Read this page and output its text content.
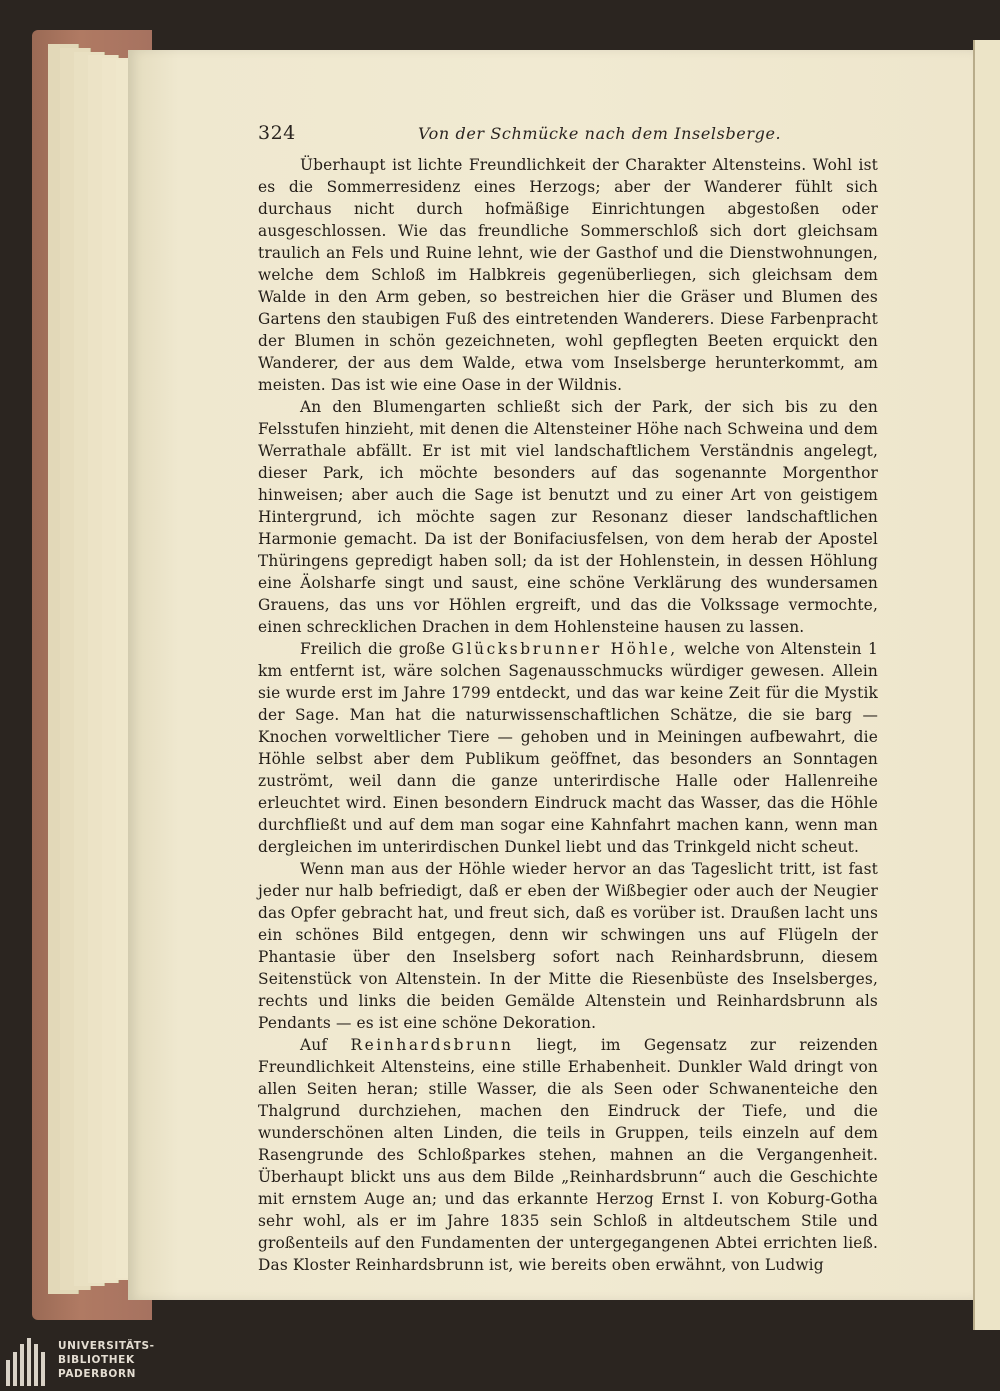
324	Von der Schmücke nach dem Inselsberge.

Überhaupt ist lichte Freundlichkeit der Charakter Altensteins. Wohl ist es die Sommerresidenz eines Herzogs; aber der Wanderer fühlt sich durchaus nicht durch hofmäßige Einrichtungen abgestoßen oder ausgeschlossen. Wie das freundliche Sommerschloß sich dort gleichsam traulich an Fels und Ruine lehnt, wie der Gasthof und die Dienstwohnungen, welche dem Schloß im Halbkreis gegenüberliegen, sich gleichsam dem Walde in den Arm geben, so bestreichen hier die Gräser und Blumen des Gartens den staubigen Fuß des eintretenden Wanderers. Diese Farbenpracht der Blumen in schön gezeichneten, wohl gepflegten Beeten erquickt den Wanderer, der aus dem Walde, etwa vom Inselsberge herunterkommt, am meisten. Das ist wie eine Oase in der Wildnis.

An den Blumengarten schließt sich der Park, der sich bis zu den Felsstufen hinzieht, mit denen die Altensteiner Höhe nach Schweina und dem Werrathale abfällt. Er ist mit viel landschaftlichem Verständnis angelegt, dieser Park, ich möchte besonders auf das sogenannte Morgenthor hinweisen; aber auch die Sage ist benutzt und zu einer Art von geistigem Hintergrund, ich möchte sagen zur Resonanz dieser landschaftlichen Harmonie gemacht. Da ist der Bonifaciusfelsen, von dem herab der Apostel Thüringens gepredigt haben soll; da ist der Hohlenstein, in dessen Höhlung eine Äolsharfe singt und saust, eine schöne Verklärung des wundersamen Grauens, das uns vor Höhlen ergreift, und das die Volkssage vermochte, einen schrecklichen Drachen in dem Hohlensteine hausen zu lassen.

Freilich die große Glücksbrunner Höhle, welche von Altenstein 1 km entfernt ist, wäre solchen Sagenausschmucks würdiger gewesen. Allein sie wurde erst im Jahre 1799 entdeckt, und das war keine Zeit für die Mystik der Sage. Man hat die naturwissenschaftlichen Schätze, die sie barg — Knochen vorweltlicher Tiere — gehoben und in Meiningen aufbewahrt, die Höhle selbst aber dem Publikum geöffnet, das besonders an Sonntagen zuströmt, weil dann die ganze unterirdische Halle oder Hallenreihe erleuchtet wird. Einen besondern Eindruck macht das Wasser, das die Höhle durchfließt und auf dem man sogar eine Kahnfahrt machen kann, wenn man dergleichen im unterirdischen Dunkel liebt und das Trinkgeld nicht scheut.

Wenn man aus der Höhle wieder hervor an das Tageslicht tritt, ist fast jeder nur halb befriedigt, daß er eben der Wißbegier oder auch der Neugier das Opfer gebracht hat, und freut sich, daß es vorüber ist. Draußen lacht uns ein schönes Bild entgegen, denn wir schwingen uns auf Flügeln der Phantasie über den Inselsberg sofort nach Reinhardsbrunn, diesem Seitenstück von Altenstein. In der Mitte die Riesenbüste des Inselsberges, rechts und links die beiden Gemälde Altenstein und Reinhardsbrunn als Pendants — es ist eine schöne Dekoration.

Auf Reinhardsbrunn liegt, im Gegensatz zur reizenden Freundlichkeit Altensteins, eine stille Erhabenheit. Dunkler Wald dringt von allen Seiten heran; stille Wasser, die als Seen oder Schwanenteiche den Thalgrund durchziehen, machen den Eindruck der Tiefe, und die wunderschönen alten Linden, die teils in Gruppen, teils einzeln auf dem Rasengrunde des Schloßparkes stehen, mahnen an die Vergangenheit. Überhaupt blickt uns aus dem Bilde „Reinhardsbrunn“ auch die Geschichte mit ernstem Auge an; und das erkannte Herzog Ernst I. von Koburg-Gotha sehr wohl, als er im Jahre 1835 sein Schloß in altdeutschem Stile und großenteils auf den Fundamenten der untergegangenen Abtei errichten ließ. Das Kloster Reinhardsbrunn ist, wie bereits oben erwähnt, von Ludwig

UNIVERSITÄTS-
BIBLIOTHEK
PADERBORN
